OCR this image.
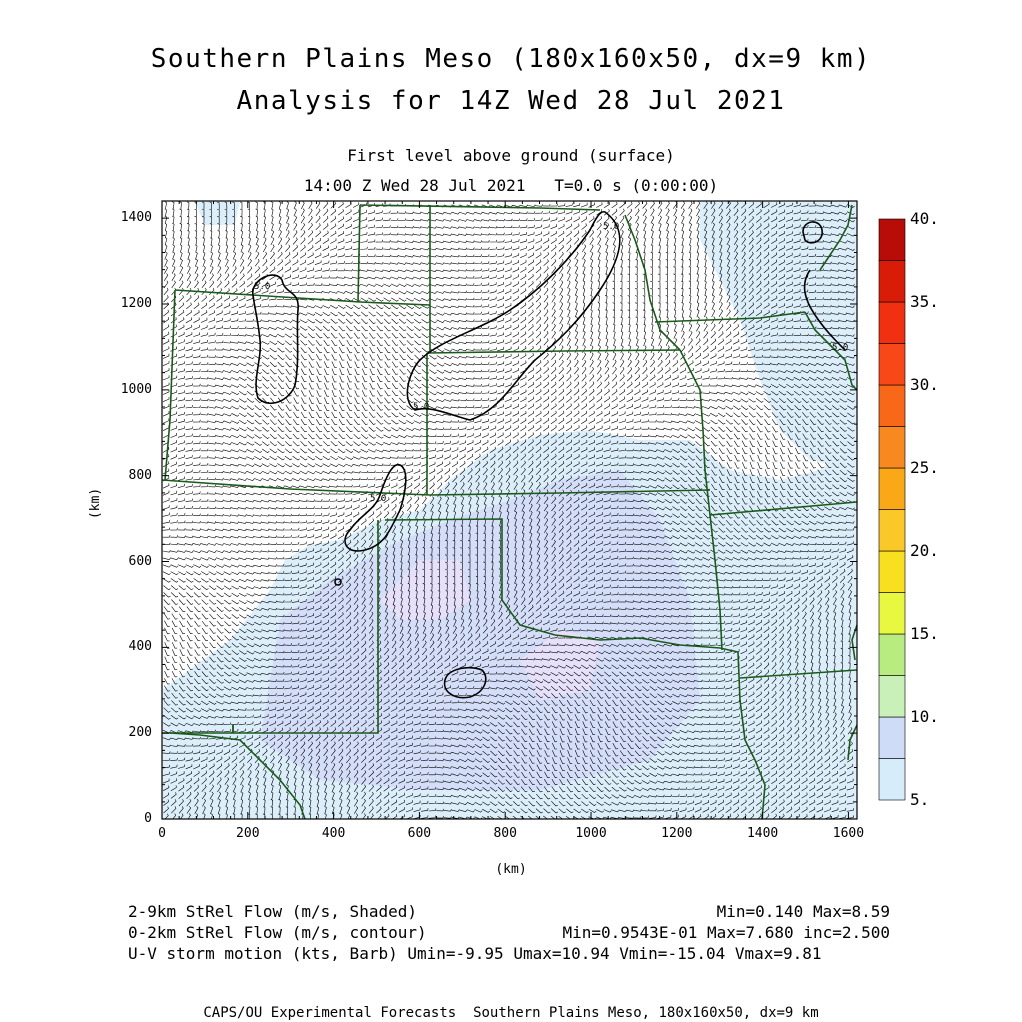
Southern Plains Meso (180x160x50, dx=9 km)
Analysis for 14Z Wed 28 Jul 2021
First level above ground (surface)
14:00 Z Wed 28 Jul 2021   T=0.0 s (0:00:00)
(km)
(km)
0
200
400
600
800
1000
1200
1400
0	200	400	600	800	1000	1200	1400	1600
5.
10.
15.
20.
25.
30.
35.
40.
5.0
5.0
5.0
5.0
5.0
2-9km StRel Flow (m/s, Shaded)	Min=0.140 Max=8.59
0-2km StRel Flow (m/s, contour)	Min=0.9543E-01 Max=7.680 inc=2.500
U-V storm motion (kts, Barb) Umin=-9.95 Umax=10.94 Vmin=-15.04 Vmax=9.81
CAPS/OU Experimental Forecasts  Southern Plains Meso, 180x160x50, dx=9 km
